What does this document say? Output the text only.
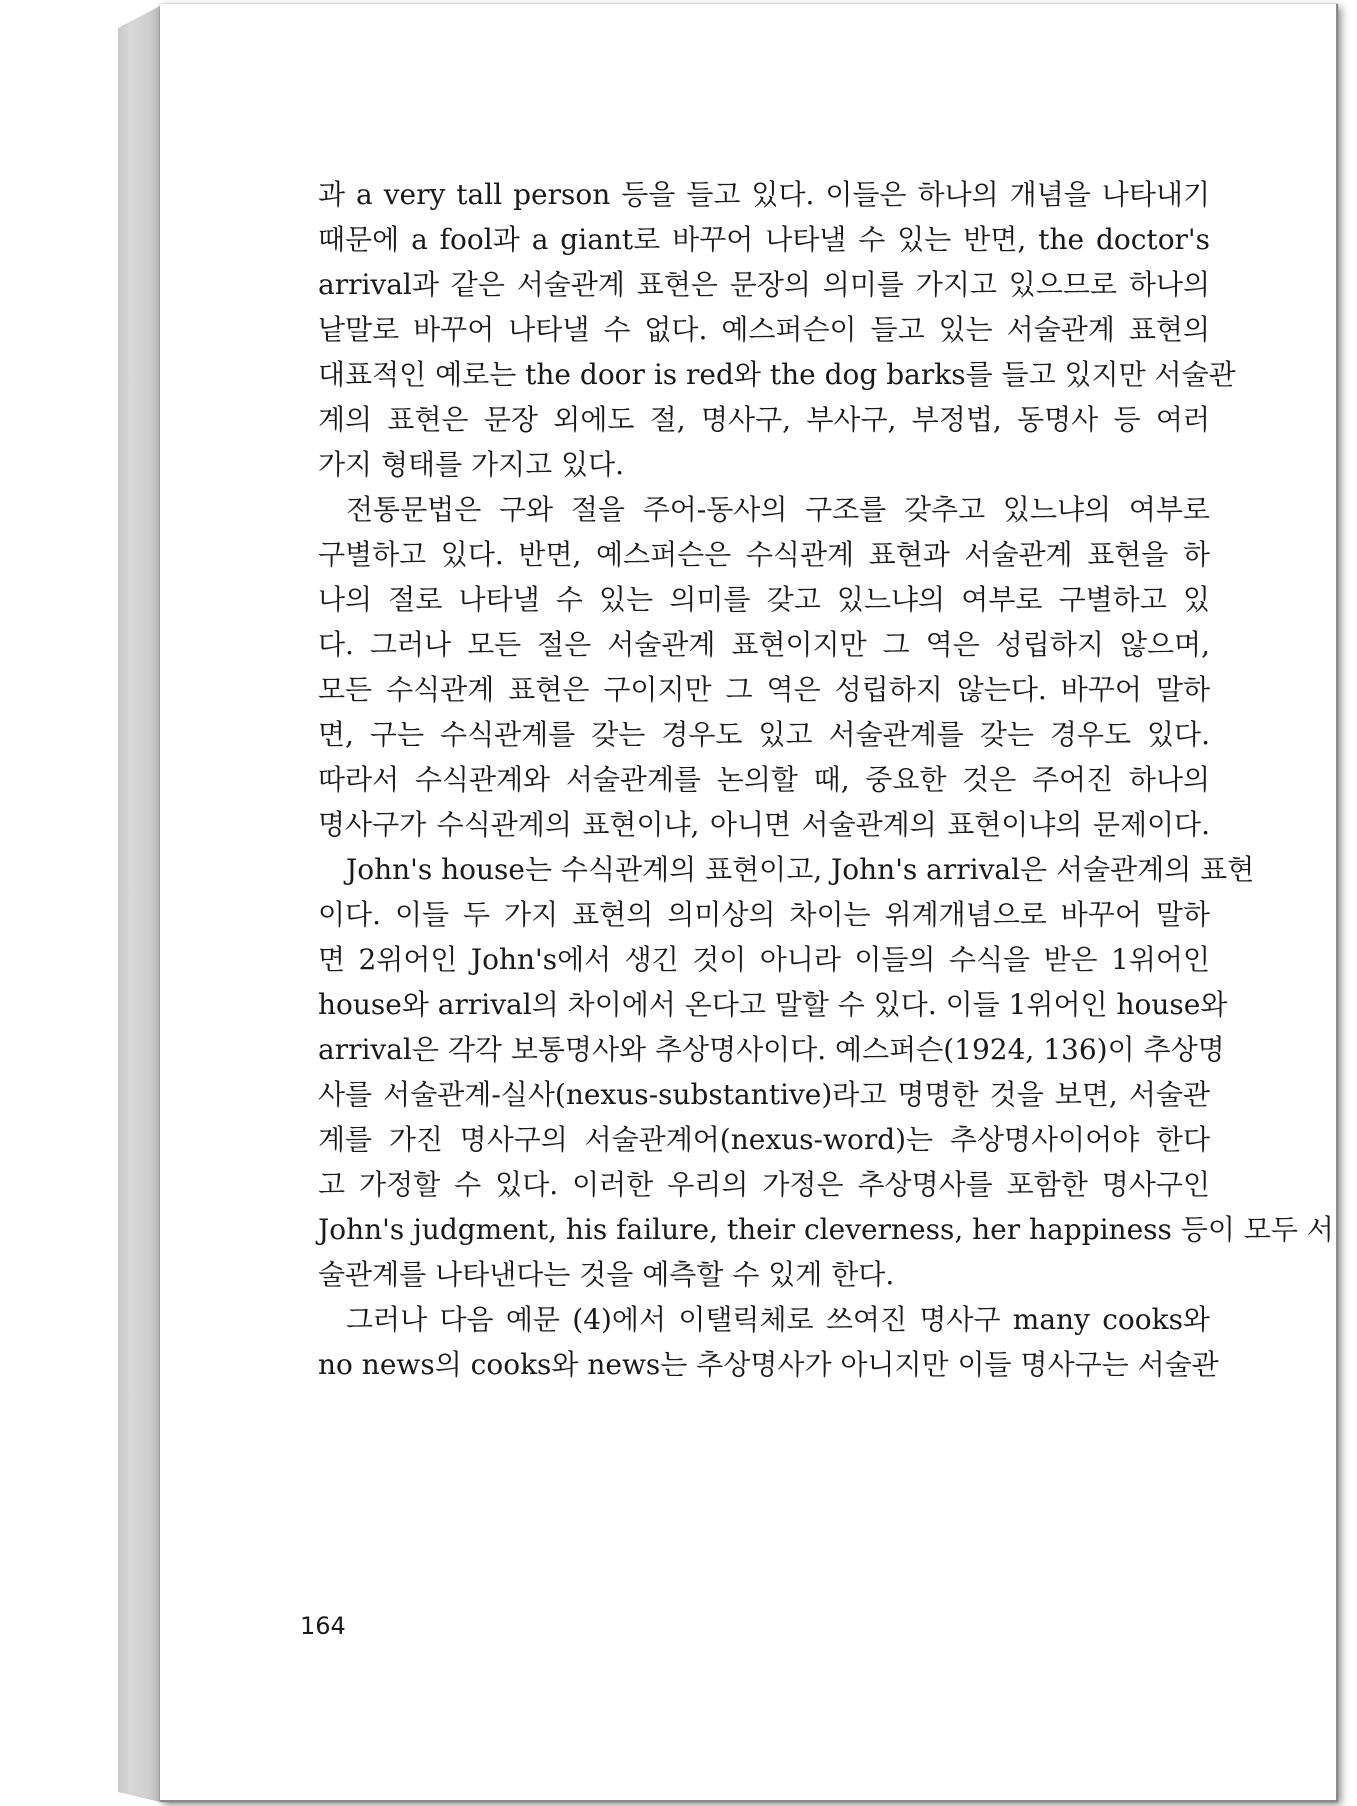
과 a very tall person 등을 들고 있다. 이들은 하나의 개념을 나타내기
때문에 a fool과 a giant로 바꾸어 나타낼 수 있는 반면, the doctor's
arrival과 같은 서술관계 표현은 문장의 의미를 가지고 있으므로 하나의
낱말로 바꾸어 나타낼 수 없다. 예스퍼슨이 들고 있는 서술관계 표현의
대표적인 예로는 the door is red와 the dog barks를 들고 있지만 서술관
계의 표현은 문장 외에도 절, 명사구, 부사구, 부정법, 동명사 등 여러
가지 형태를 가지고 있다.
전통문법은 구와 절을 주어-동사의 구조를 갖추고 있느냐의 여부로
구별하고 있다. 반면, 예스퍼슨은 수식관계 표현과 서술관계 표현을 하
나의 절로 나타낼 수 있는 의미를 갖고 있느냐의 여부로 구별하고 있
다. 그러나 모든 절은 서술관계 표현이지만 그 역은 성립하지 않으며,
모든 수식관계 표현은 구이지만 그 역은 성립하지 않는다. 바꾸어 말하
면, 구는 수식관계를 갖는 경우도 있고 서술관계를 갖는 경우도 있다.
따라서 수식관계와 서술관계를 논의할 때, 중요한 것은 주어진 하나의
명사구가 수식관계의 표현이냐, 아니면 서술관계의 표현이냐의 문제이다.
John's house는 수식관계의 표현이고, John's arrival은 서술관계의 표현
이다. 이들 두 가지 표현의 의미상의 차이는 위계개념으로 바꾸어 말하
면 2위어인 John's에서 생긴 것이 아니라 이들의 수식을 받은 1위어인
house와 arrival의 차이에서 온다고 말할 수 있다. 이들 1위어인 house와
arrival은 각각 보통명사와 추상명사이다. 예스퍼슨(1924, 136)이 추상명
사를 서술관계-실사(nexus-substantive)라고 명명한 것을 보면, 서술관
계를 가진 명사구의 서술관계어(nexus-word)는 추상명사이어야 한다
고 가정할 수 있다. 이러한 우리의 가정은 추상명사를 포함한 명사구인
John's judgment, his failure, their cleverness, her happiness 등이 모두 서
술관계를 나타낸다는 것을 예측할 수 있게 한다.
그러나 다음 예문 (4)에서 이탤릭체로 쓰여진 명사구 many cooks와
no news의 cooks와 news는 추상명사가 아니지만 이들 명사구는 서술관
164
